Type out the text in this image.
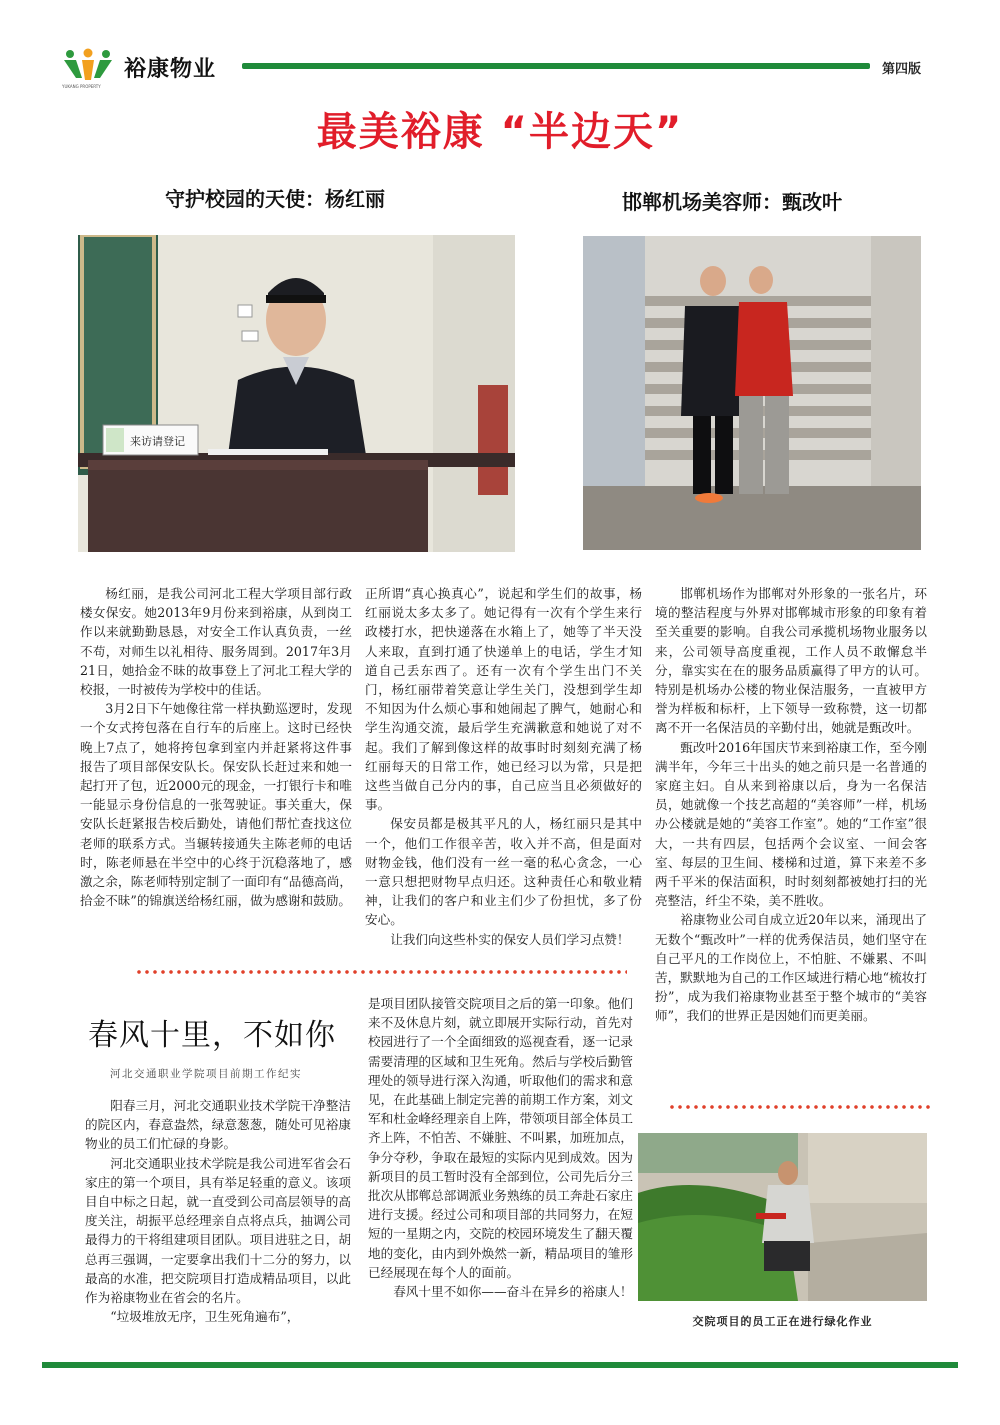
裕康物业
YUKANG PROPERTY
第四版
最美裕康 “半边天”
守护校园的天使：杨红丽	邯郸机场美容师：甄改叶
来访请登记

杨红丽，是我公司河北工程大学项目部行政楼女保安。她2013年9月份来到裕康，从到岗工作以来就勤勤恳恳，对安全工作认真负责，一丝不苟，对师生以礼相待、服务周到。2017年3月21日，她拾金不昧的故事登上了河北工程大学的校报，一时被传为学校中的佳话。

3月2日下午她像往常一样执勤巡逻时，发现一个女式挎包落在自行车的后座上。这时已经快晚上7点了，她将挎包拿到室内并赶紧将这件事报告了项目部保安队长。保安队长赶过来和她一起打开了包，近2000元的现金，一打银行卡和唯一能显示身份信息的一张驾驶证。事关重大，保安队长赶紧报告校后勤处，请他们帮忙查找这位老师的联系方式。当辗转接通失主陈老师的电话时，陈老师悬在半空中的心终于沉稳落地了，感激之余，陈老师特别定制了一面印有“品德高尚，拾金不昧”的锦旗送给杨红丽，做为感谢和鼓励。

正所谓“真心换真心”，说起和学生们的故事，杨红丽说太多太多了。她记得有一次有个学生来行政楼打水，把快递落在水箱上了，她等了半天没人来取，直到打通了快递单上的电话，学生才知道自己丢东西了。还有一次有个学生出门不关门，杨红丽带着笑意让学生关门，没想到学生却不知因为什么烦心事和她闹起了脾气，她耐心和学生沟通交流，最后学生充满歉意和她说了对不起。我们了解到像这样的故事时时刻刻充满了杨红丽每天的日常工作，她已经习以为常，只是把这些当做自己分内的事，自己应当且必须做好的事。

保安员都是极其平凡的人，杨红丽只是其中一个，他们工作很辛苦，收入并不高，但是面对财物金钱，他们没有一丝一毫的私心贪念，一心一意只想把财物早点归还。这种责任心和敬业精神，让我们的客户和业主们少了份担忧，多了份安心。

让我们向这些朴实的保安人员们学习点赞！

邯郸机场作为邯郸对外形象的一张名片，环境的整洁程度与外界对邯郸城市形象的印象有着至关重要的影响。自我公司承揽机场物业服务以来，公司领导高度重视，工作人员不敢懈怠半分，靠实实在在的服务品质赢得了甲方的认可。特别是机场办公楼的物业保洁服务，一直被甲方誉为样板和标杆，上下领导一致称赞，这一切都离不开一名保洁员的辛勤付出，她就是甄改叶。

甄改叶2016年国庆节来到裕康工作，至今刚满半年，今年三十出头的她之前只是一名普通的家庭主妇。自从来到裕康以后，身为一名保洁员，她就像一个技艺高超的“美容师”一样，机场办公楼就是她的“美容工作室”。她的“工作室”很大，一共有四层，包括两个会议室、一间会客室、每层的卫生间、楼梯和过道，算下来差不多两千平米的保洁面积，时时刻刻都被她打扫的光亮整洁，纤尘不染，美不胜收。

裕康物业公司自成立近20年以来，涌现出了无数个“甄改叶”一样的优秀保洁员，她们坚守在自己平凡的工作岗位上，不怕脏、不嫌累、不叫苦，默默地为自己的工作区域进行精心地“梳妆打扮”，成为我们裕康物业甚至于整个城市的“美容师”，我们的世界正是因她们而更美丽。

春风十里，不如你
河北交通职业学院项目前期工作纪实

阳春三月，河北交通职业技术学院干净整洁的院区内，春意盎然，绿意葱葱，随处可见裕康物业的员工们忙碌的身影。

河北交通职业技术学院是我公司进军省会石家庄的第一个项目，具有举足轻重的意义。该项目自中标之日起，就一直受到公司高层领导的高度关注，胡振平总经理亲自点将点兵，抽调公司最得力的干将组建项目团队。项目进驻之日，胡总再三强调，一定要拿出我们十二分的努力，以最高的水准，把交院项目打造成精品项目，以此作为裕康物业在省会的名片。

“垃圾堆放无序，卫生死角遍布”，

是项目团队接管交院项目之后的第一印象。他们来不及休息片刻，就立即展开实际行动，首先对校园进行了一个全面细致的巡视查看，逐一记录需要清理的区域和卫生死角。然后与学校后勤管理处的领导进行深入沟通，听取他们的需求和意见，在此基础上制定完善的前期工作方案，刘文军和杜金峰经理亲自上阵，带领项目部全体员工齐上阵，不怕苦、不嫌脏、不叫累，加班加点，争分夺秒，争取在最短的实际内见到成效。因为新项目的员工暂时没有全部到位，公司先后分三批次从邯郸总部调派业务熟练的员工奔赴石家庄进行支援。经过公司和项目部的共同努力，在短短的一星期之内，交院的校园环境发生了翻天覆地的变化，由内到外焕然一新，精品项目的雏形已经展现在每个人的面前。

春风十里不如你——奋斗在异乡的裕康人！

交院项目的员工正在进行绿化作业
